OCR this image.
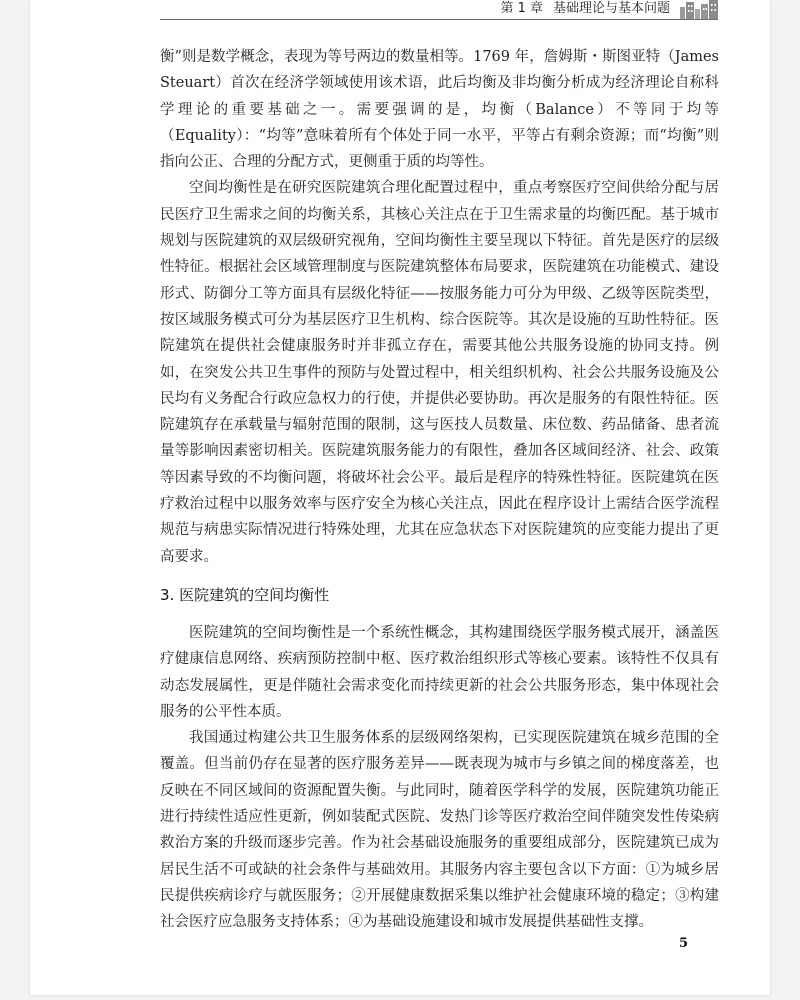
第 1 章 基础理论与基本问题

衡”则是数学概念，表现为等号两边的数量相等。1769 年，詹姆斯・斯图亚特（James Steuart）首次在经济学领域使用该术语，此后均衡及非均衡分析成为经济理论自称科学理论的重要基础之一。需要强调的是，均衡（Balance）不等同于均等（Equality）：“均等”意味着所有个体处于同一水平，平等占有剩余资源；而“均衡”则指向公正、合理的分配方式，更侧重于质的均等性。

空间均衡性是在研究医院建筑合理化配置过程中，重点考察医疗空间供给分配与居民医疗卫生需求之间的均衡关系，其核心关注点在于卫生需求量的均衡匹配。基于城市规划与医院建筑的双层级研究视角，空间均衡性主要呈现以下特征。首先是医疗的层级性特征。根据社会区域管理制度与医院建筑整体布局要求，医院建筑在功能模式、建设形式、防御分工等方面具有层级化特征——按服务能力可分为甲级、乙级等医院类型，按区域服务模式可分为基层医疗卫生机构、综合医院等。其次是设施的互助性特征。医院建筑在提供社会健康服务时并非孤立存在，需要其他公共服务设施的协同支持。例如，在突发公共卫生事件的预防与处置过程中，相关组织机构、社会公共服务设施及公民均有义务配合行政应急权力的行使，并提供必要协助。再次是服务的有限性特征。医院建筑存在承载量与辐射范围的限制，这与医技人员数量、床位数、药品储备、患者流量等影响因素密切相关。医院建筑服务能力的有限性，叠加各区域间经济、社会、政策等因素导致的不均衡问题，将破坏社会公平。最后是程序的特殊性特征。医院建筑在医疗救治过程中以服务效率与医疗安全为核心关注点，因此在程序设计上需结合医学流程规范与病患实际情况进行特殊处理，尤其在应急状态下对医院建筑的应变能力提出了更高要求。

3. 医院建筑的空间均衡性

医院建筑的空间均衡性是一个系统性概念，其构建围绕医学服务模式展开，涵盖医疗健康信息网络、疾病预防控制中枢、医疗救治组织形式等核心要素。该特性不仅具有动态发展属性，更是伴随社会需求变化而持续更新的社会公共服务形态，集中体现社会服务的公平性本质。

我国通过构建公共卫生服务体系的层级网络架构，已实现医院建筑在城乡范围的全覆盖。但当前仍存在显著的医疗服务差异——既表现为城市与乡镇之间的梯度落差，也反映在不同区域间的资源配置失衡。与此同时，随着医学科学的发展，医院建筑功能正进行持续性适应性更新，例如装配式医院、发热门诊等医疗救治空间伴随突发性传染病救治方案的升级而逐步完善。作为社会基础设施服务的重要组成部分，医院建筑已成为居民生活不可或缺的社会条件与基础效用。其服务内容主要包含以下方面：①为城乡居民提供疾病诊疗与就医服务；②开展健康数据采集以维护社会健康环境的稳定；③构建社会医疗应急服务支持体系；④为基础设施建设和城市发展提供基础性支撑。

5
